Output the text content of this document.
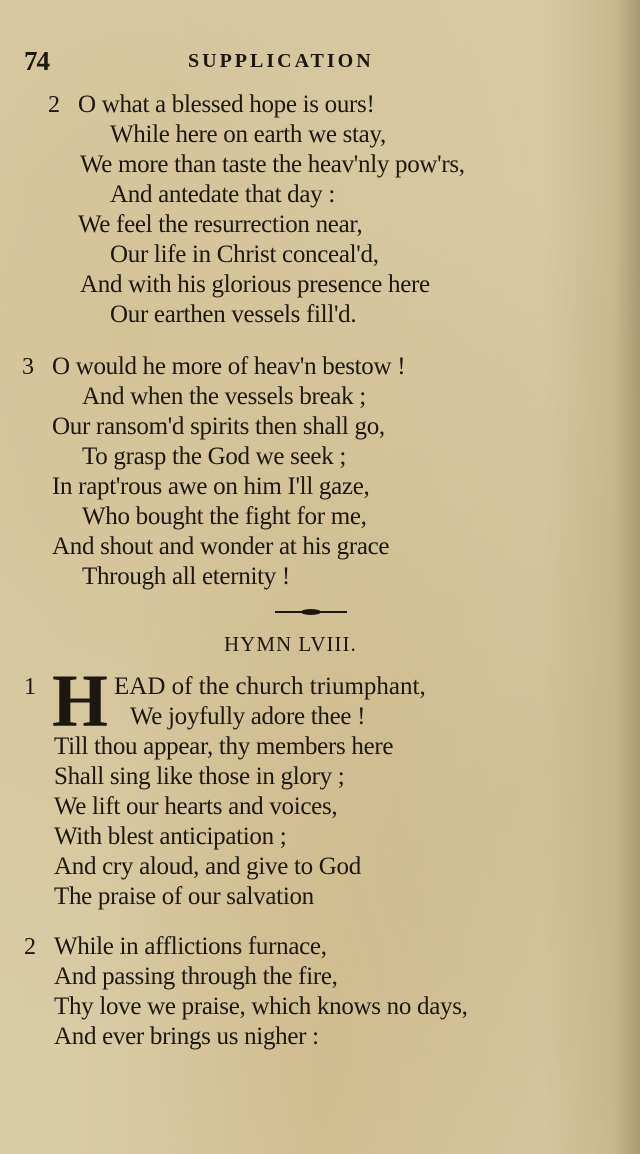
74	SUPPLICATION
2 O what a blessed hope is ours!
While here on earth we stay,
We more than taste the heav'nly pow'rs,
And antedate that day :
We feel the resurrection near,
Our life in Christ conceal'd,
And with his glorious presence here
Our earthen vessels fill'd.
3 O would he more of heav'n bestow !
And when the vessels break ;
Our ransom'd spirits then shall go,
To grasp the God we seek ;
In rapt'rous awe on him I'll gaze,
Who bought the fight for me,
And shout and wonder at his grace
Through all eternity !
HYMN LVIII.
1 H EAD of the church triumphant,
We joyfully adore thee !
Till thou appear, thy members here
Shall sing like those in glory ;
We lift our hearts and voices,
With blest anticipation ;
And cry aloud, and give to God
The praise of our salvation
2 While in afflictions furnace,
And passing through the fire,
Thy love we praise, which knows no days,
And ever brings us nigher :
